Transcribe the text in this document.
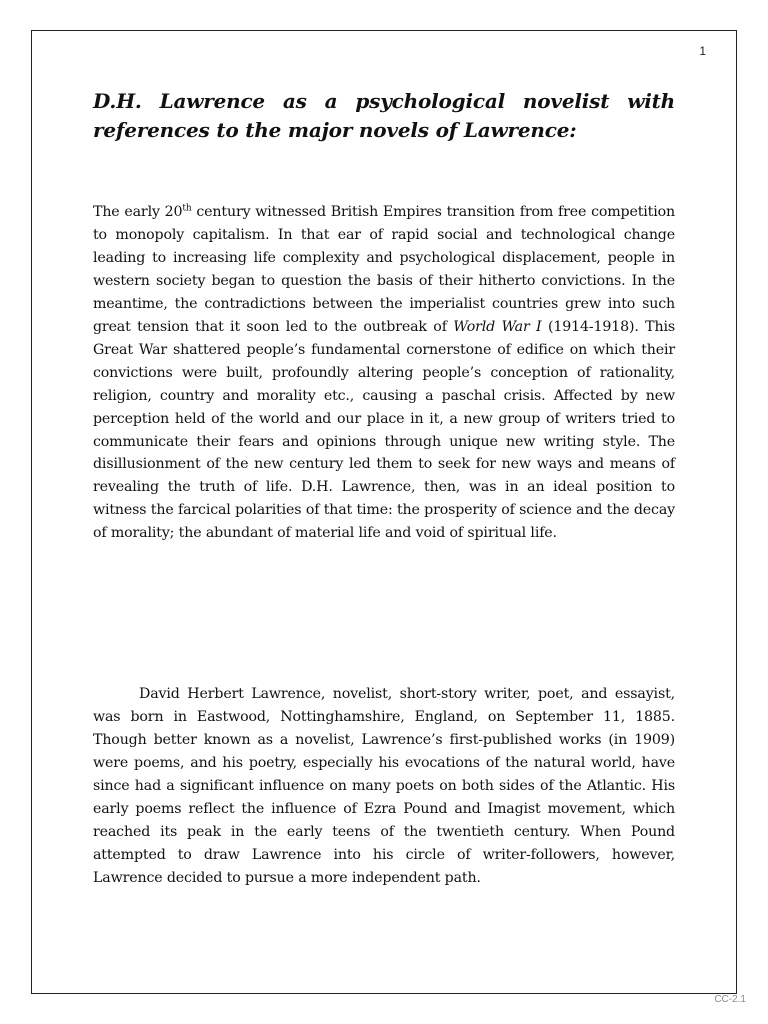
1
D.H. Lawrence as a psychological novelist with references to the major novels of Lawrence:

The early 20th century witnessed British Empires transition from free competition to monopoly capitalism. In that ear of rapid social and technological change leading to increasing life complexity and psychological displacement, people in western society began to question the basis of their hitherto convictions. In the meantime, the contradictions between the imperialist countries grew into such great tension that it soon led to the outbreak of World War I (1914-1918). This Great War shattered people’s fundamental cornerstone of edifice on which their convictions were built, profoundly altering people’s conception of rationality, religion, country and morality etc., causing a paschal crisis. Affected by new perception held of the world and our place in it, a new group of writers tried to communicate their fears and opinions through unique new writing style. The disillusionment of the new century led them to seek for new ways and means of revealing the truth of life. D.H. Lawrence, then, was in an ideal position to witness the farcical polarities of that time: the prosperity of science and the decay of morality; the abundant of material life and void of spiritual life.

David Herbert Lawrence, novelist, short-story writer, poet, and essayist, was born in Eastwood, Nottinghamshire, England, on September 11, 1885. Though better known as a novelist, Lawrence’s first-published works (in 1909) were poems, and his poetry, especially his evocations of the natural world, have since had a significant influence on many poets on both sides of the Atlantic. His early poems reflect the influence of Ezra Pound and Imagist movement, which reached its peak in the early teens of the twentieth century. When Pound attempted to draw Lawrence into his circle of writer-followers, however, Lawrence decided to pursue a more independent path.

CC-2.1
